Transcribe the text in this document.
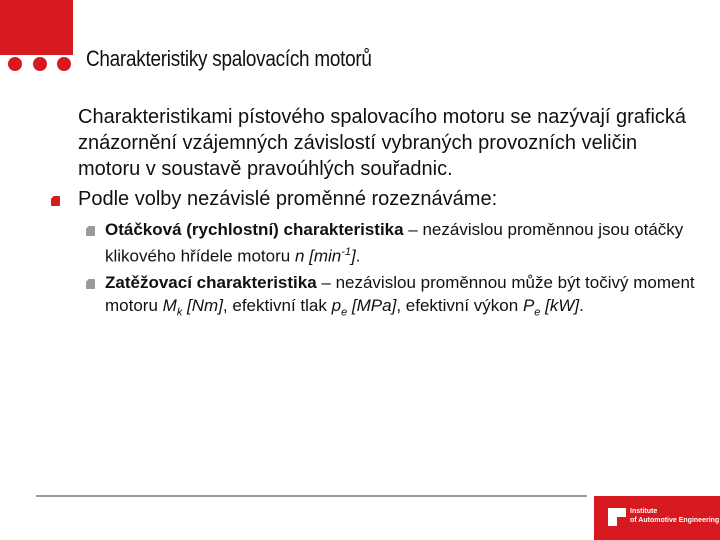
Charakteristiky spalovacích motorů
Charakteristikami pístového spalovacího motoru se nazývají grafická znázornění vzájemných závislostí vybraných provozních veličin motoru v soustavě pravoúhlých souřadnic.
Podle volby nezávislé proměnné rozeznáváme:
Otáčková (rychlostní) charakteristika – nezávislou proměnnou jsou otáčky klikového hřídele motoru n $[\min^{-1}]$.
Zatěžovací charakteristika – nezávislou proměnnou může být točivý moment motoru $M_k$ [Nm], efektivní tlak $p_e$ [MPa], efektivní výkon $P_e$ [kW].
Institute
of Automotive Engineering
